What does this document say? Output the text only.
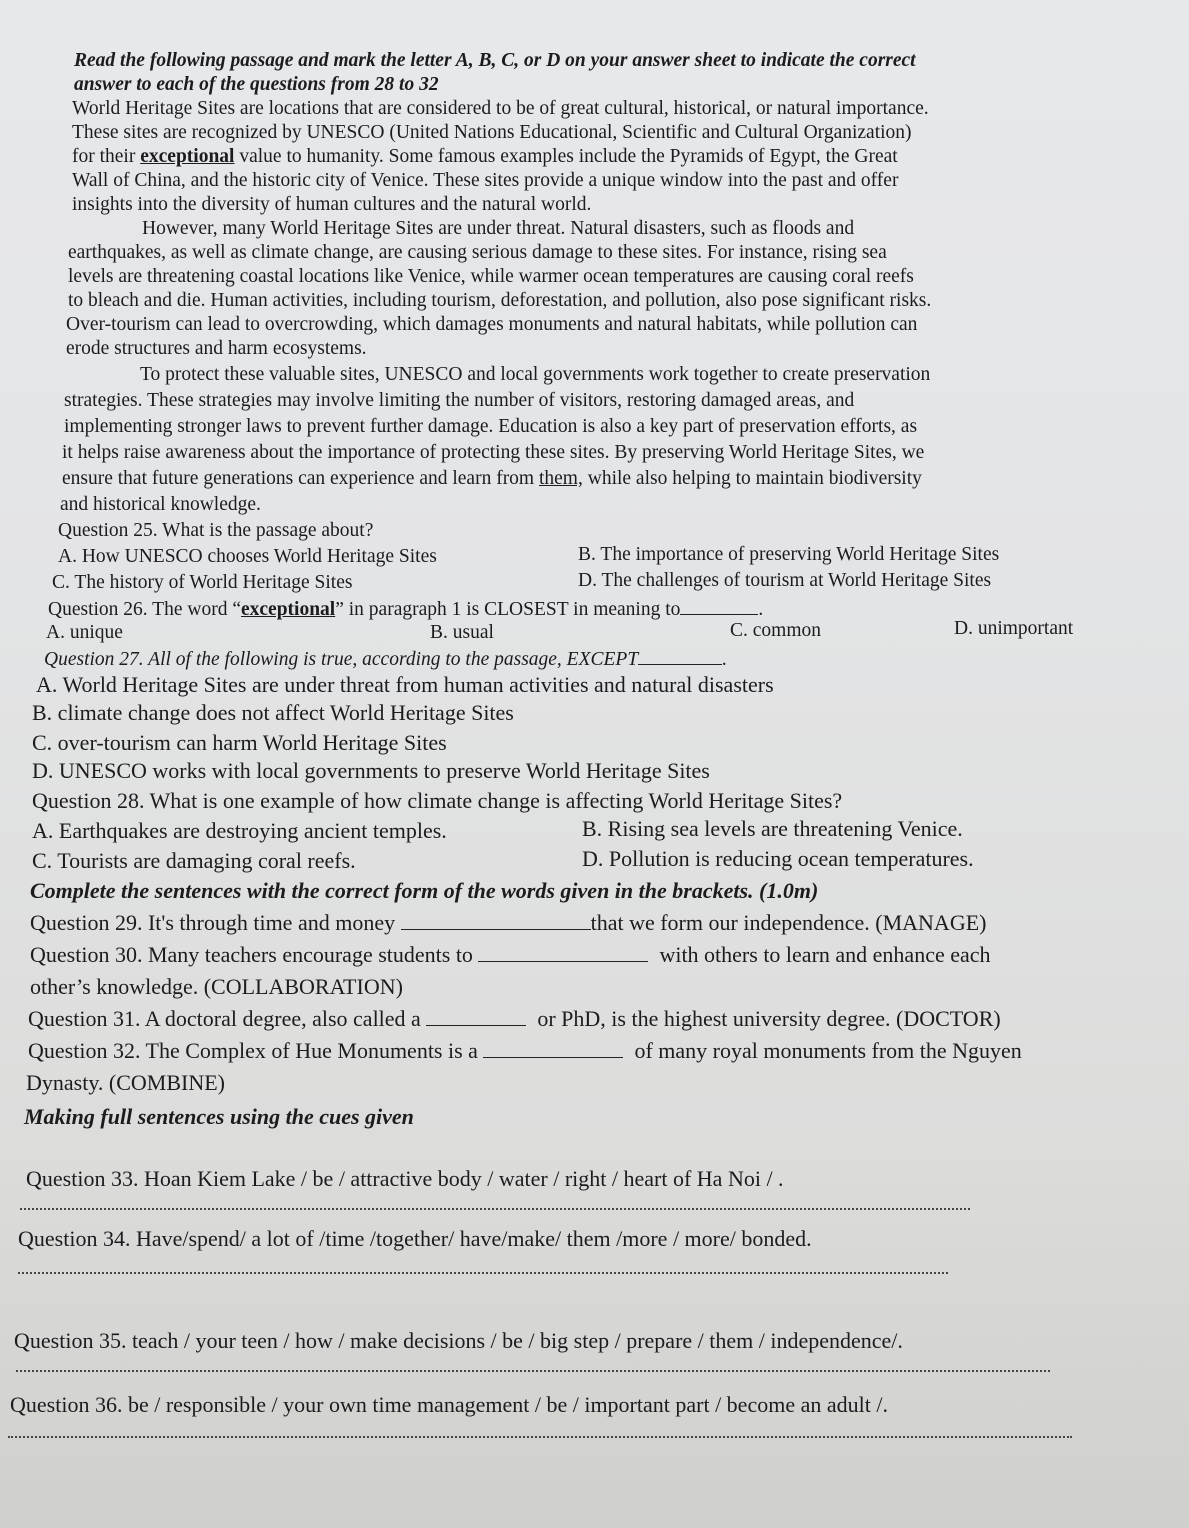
Read the following passage and mark the letter A, B, C, or D on your answer sheet to indicate the correct
answer to each of the questions from 28 to 32
World Heritage Sites are locations that are considered to be of great cultural, historical, or natural importance.
These sites are recognized by UNESCO (United Nations Educational, Scientific and Cultural Organization)
for their exceptional value to humanity. Some famous examples include the Pyramids of Egypt, the Great
Wall of China, and the historic city of Venice. These sites provide a unique window into the past and offer
insights into the diversity of human cultures and the natural world.
However, many World Heritage Sites are under threat. Natural disasters, such as floods and
earthquakes, as well as climate change, are causing serious damage to these sites. For instance, rising sea
levels are threatening coastal locations like Venice, while warmer ocean temperatures are causing coral reefs
to bleach and die. Human activities, including tourism, deforestation, and pollution, also pose significant risks.
Over-tourism can lead to overcrowding, which damages monuments and natural habitats, while pollution can
erode structures and harm ecosystems.
To protect these valuable sites, UNESCO and local governments work together to create preservation
strategies. These strategies may involve limiting the number of visitors, restoring damaged areas, and
implementing stronger laws to prevent further damage. Education is also a key part of preservation efforts, as
it helps raise awareness about the importance of protecting these sites. By preserving World Heritage Sites, we
ensure that future generations can experience and learn from them, while also helping to maintain biodiversity
and historical knowledge.
Question 25. What is the passage about?
A. How UNESCO chooses World Heritage Sites	B. The importance of preserving World Heritage Sites
C. The history of World Heritage Sites	D. The challenges of tourism at World Heritage Sites
Question 26. The word “exceptional” in paragraph 1 is CLOSEST in meaning to	.
A. unique	B. usual	C. common	D. unimportant
Question 27. All of the following is true, according to the passage, EXCEPT	.
A. World Heritage Sites are under threat from human activities and natural disasters
B. climate change does not affect World Heritage Sites
C. over-tourism can harm World Heritage Sites
D. UNESCO works with local governments to preserve World Heritage Sites
Question 28. What is one example of how climate change is affecting World Heritage Sites?
A. Earthquakes are destroying ancient temples.	B. Rising sea levels are threatening Venice.
C. Tourists are damaging coral reefs.	D. Pollution is reducing ocean temperatures.
Complete the sentences with the correct form of the words given in the brackets. (1.0m)
Question 29. It's through time and money	that we form our independence. (MANAGE)
Question 30. Many teachers encourage students to	with others to learn and enhance each
other’s knowledge. (COLLABORATION)
Question 31. A doctoral degree, also called a	or PhD, is the highest university degree. (DOCTOR)
Question 32. The Complex of Hue Monuments is a	of many royal monuments from the Nguyen
Dynasty. (COMBINE)
Making full sentences using the cues given
Question 33. Hoan Kiem Lake / be / attractive body / water / right / heart of Ha Noi / .
Question 34. Have/spend/ a lot of /time /together/ have/make/ them /more / more/ bonded.
Question 35. teach / your teen / how / make decisions / be / big step / prepare / them / independence/.
Question 36. be / responsible / your own time management / be / important part / become an adult /.
